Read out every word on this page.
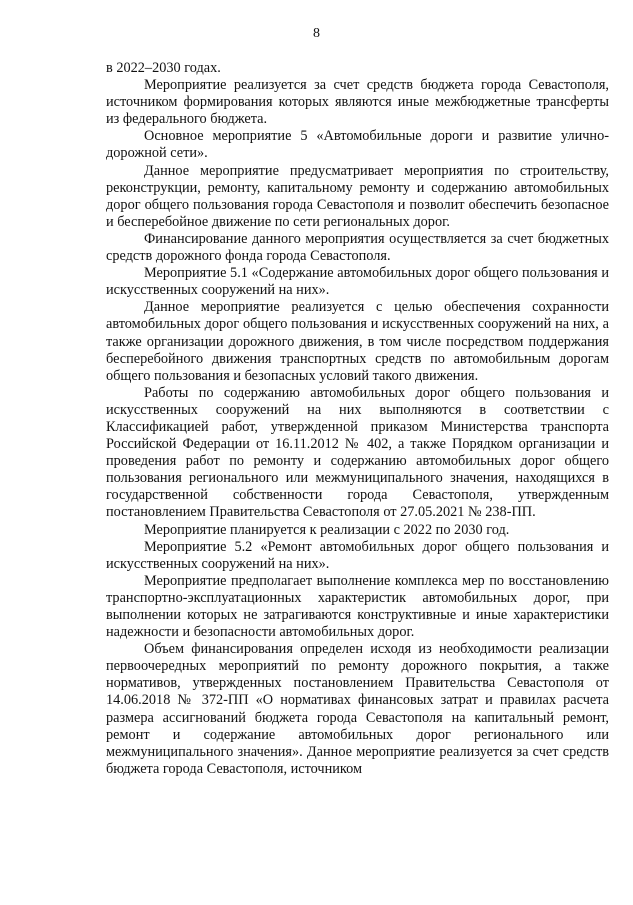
8

в 2022–2030 годах.

Мероприятие реализуется за счет средств бюджета города Севастополя, источником формирования которых являются иные межбюджетные трансферты из федерального бюджета.

Основное мероприятие 5 «Автомобильные дороги и развитие улично-дорожной сети».

Данное мероприятие предусматривает мероприятия по строительству, реконструкции, ремонту, капитальному ремонту и содержанию автомобильных дорог общего пользования города Севастополя и позволит обеспечить безопасное и бесперебойное движение по сети региональных дорог.

Финансирование данного мероприятия осуществляется за счет бюджетных средств дорожного фонда города Севастополя.

Мероприятие 5.1 «Содержание автомобильных дорог общего пользования и искусственных сооружений на них».

Данное мероприятие реализуется с целью обеспечения сохранности автомобильных дорог общего пользования и искусственных сооружений на них, а также организации дорожного движения, в том числе посредством поддержания бесперебойного движения транспортных средств по автомобильным дорогам общего пользования и безопасных условий такого движения.

Работы по содержанию автомобильных дорог общего пользования и искусственных сооружений на них выполняются в соответствии с Классификацией работ, утвержденной приказом Министерства транспорта Российской Федерации от 16.11.2012 № 402, а также Порядком организации и проведения работ по ремонту и содержанию автомобильных дорог общего пользования регионального или межмуниципального значения, находящихся в государственной собственности города Севастополя, утвержденным постановлением Правительства Севастополя от 27.05.2021 № 238-ПП.

Мероприятие планируется к реализации с 2022 по 2030 год.

Мероприятие 5.2 «Ремонт автомобильных дорог общего пользования и искусственных сооружений на них».

Мероприятие предполагает выполнение комплекса мер по восстановлению транспортно-эксплуатационных характеристик автомобильных дорог, при выполнении которых не затрагиваются конструктивные и иные характеристики надежности и безопасности автомобильных дорог.

Объем финансирования определен исходя из необходимости реализации первоочередных мероприятий по ремонту дорожного покрытия, а также нормативов, утвержденных постановлением Правительства Севастополя от 14.06.2018 № 372-ПП «О нормативах финансовых затрат и правилах расчета размера ассигнований бюджета города Севастополя на капитальный ремонт, ремонт и содержание автомобильных дорог регионального или межмуниципального значения». Данное мероприятие реализуется за счет средств бюджета города Севастополя, источником
